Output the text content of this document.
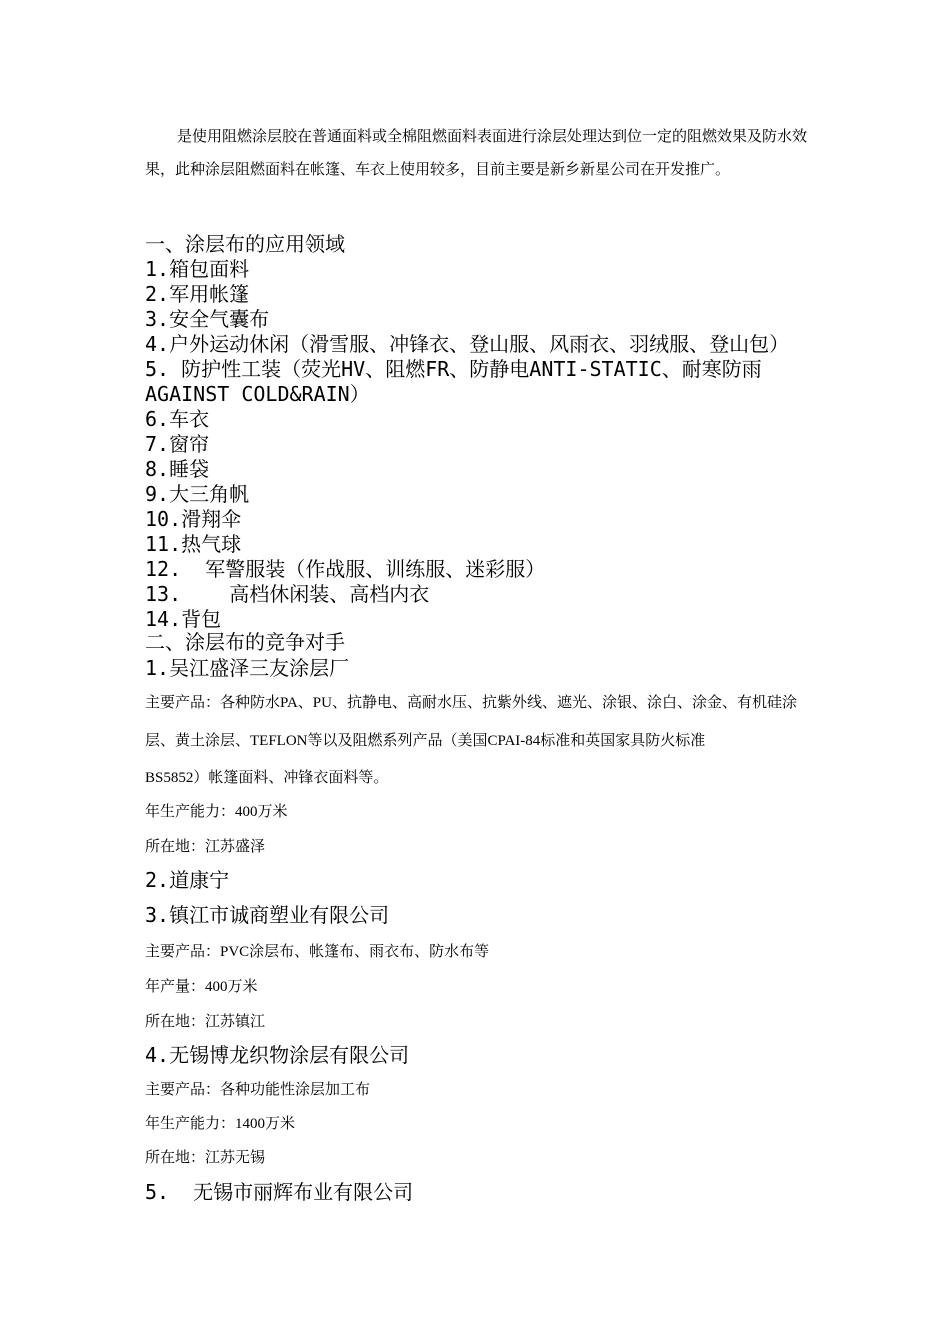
是使用阻燃涂层胶在普通面料或全棉阻燃面料表面进行涂层处理达到位一定的阻燃效果及防水效果，此种涂层阻燃面料在帐篷、车衣上使用较多，目前主要是新乡新星公司在开发推广。
一、涂层布的应用领域
1.箱包面料
2.军用帐篷
3.安全气囊布
4.户外运动休闲（滑雪服、冲锋衣、登山服、风雨衣、羽绒服、登山包）
5. 防护性工装（荧光HV、阻燃FR、防静电ANTI-STATIC、耐寒防雨
AGAINST COLD&RAIN）
6.车衣
7.窗帘
8.睡袋
9.大三角帆
10.滑翔伞
11.热气球
12.  军警服装（作战服、训练服、迷彩服）
13.    高档休闲装、高档内衣
14.背包
二、涂层布的竞争对手
1.吴江盛泽三友涂层厂
主要产品：各种防水PA、PU、抗静电、高耐水压、抗紫外线、遮光、涂银、涂白、涂金、有机硅涂
层、黄土涂层、TEFLON等以及阻燃系列产品（美国CPAI-84标准和英国家具防火标准
BS5852）帐篷面料、冲锋衣面料等。
年生产能力：400万米
所在地：江苏盛泽
2.道康宁
3.镇江市诚商塑业有限公司
主要产品：PVC涂层布、帐篷布、雨衣布、防水布等
年产量：400万米
所在地：江苏镇江
4.无锡博龙织物涂层有限公司
主要产品：各种功能性涂层加工布
年生产能力：1400万米
所在地：江苏无锡
5.  无锡市丽辉布业有限公司
